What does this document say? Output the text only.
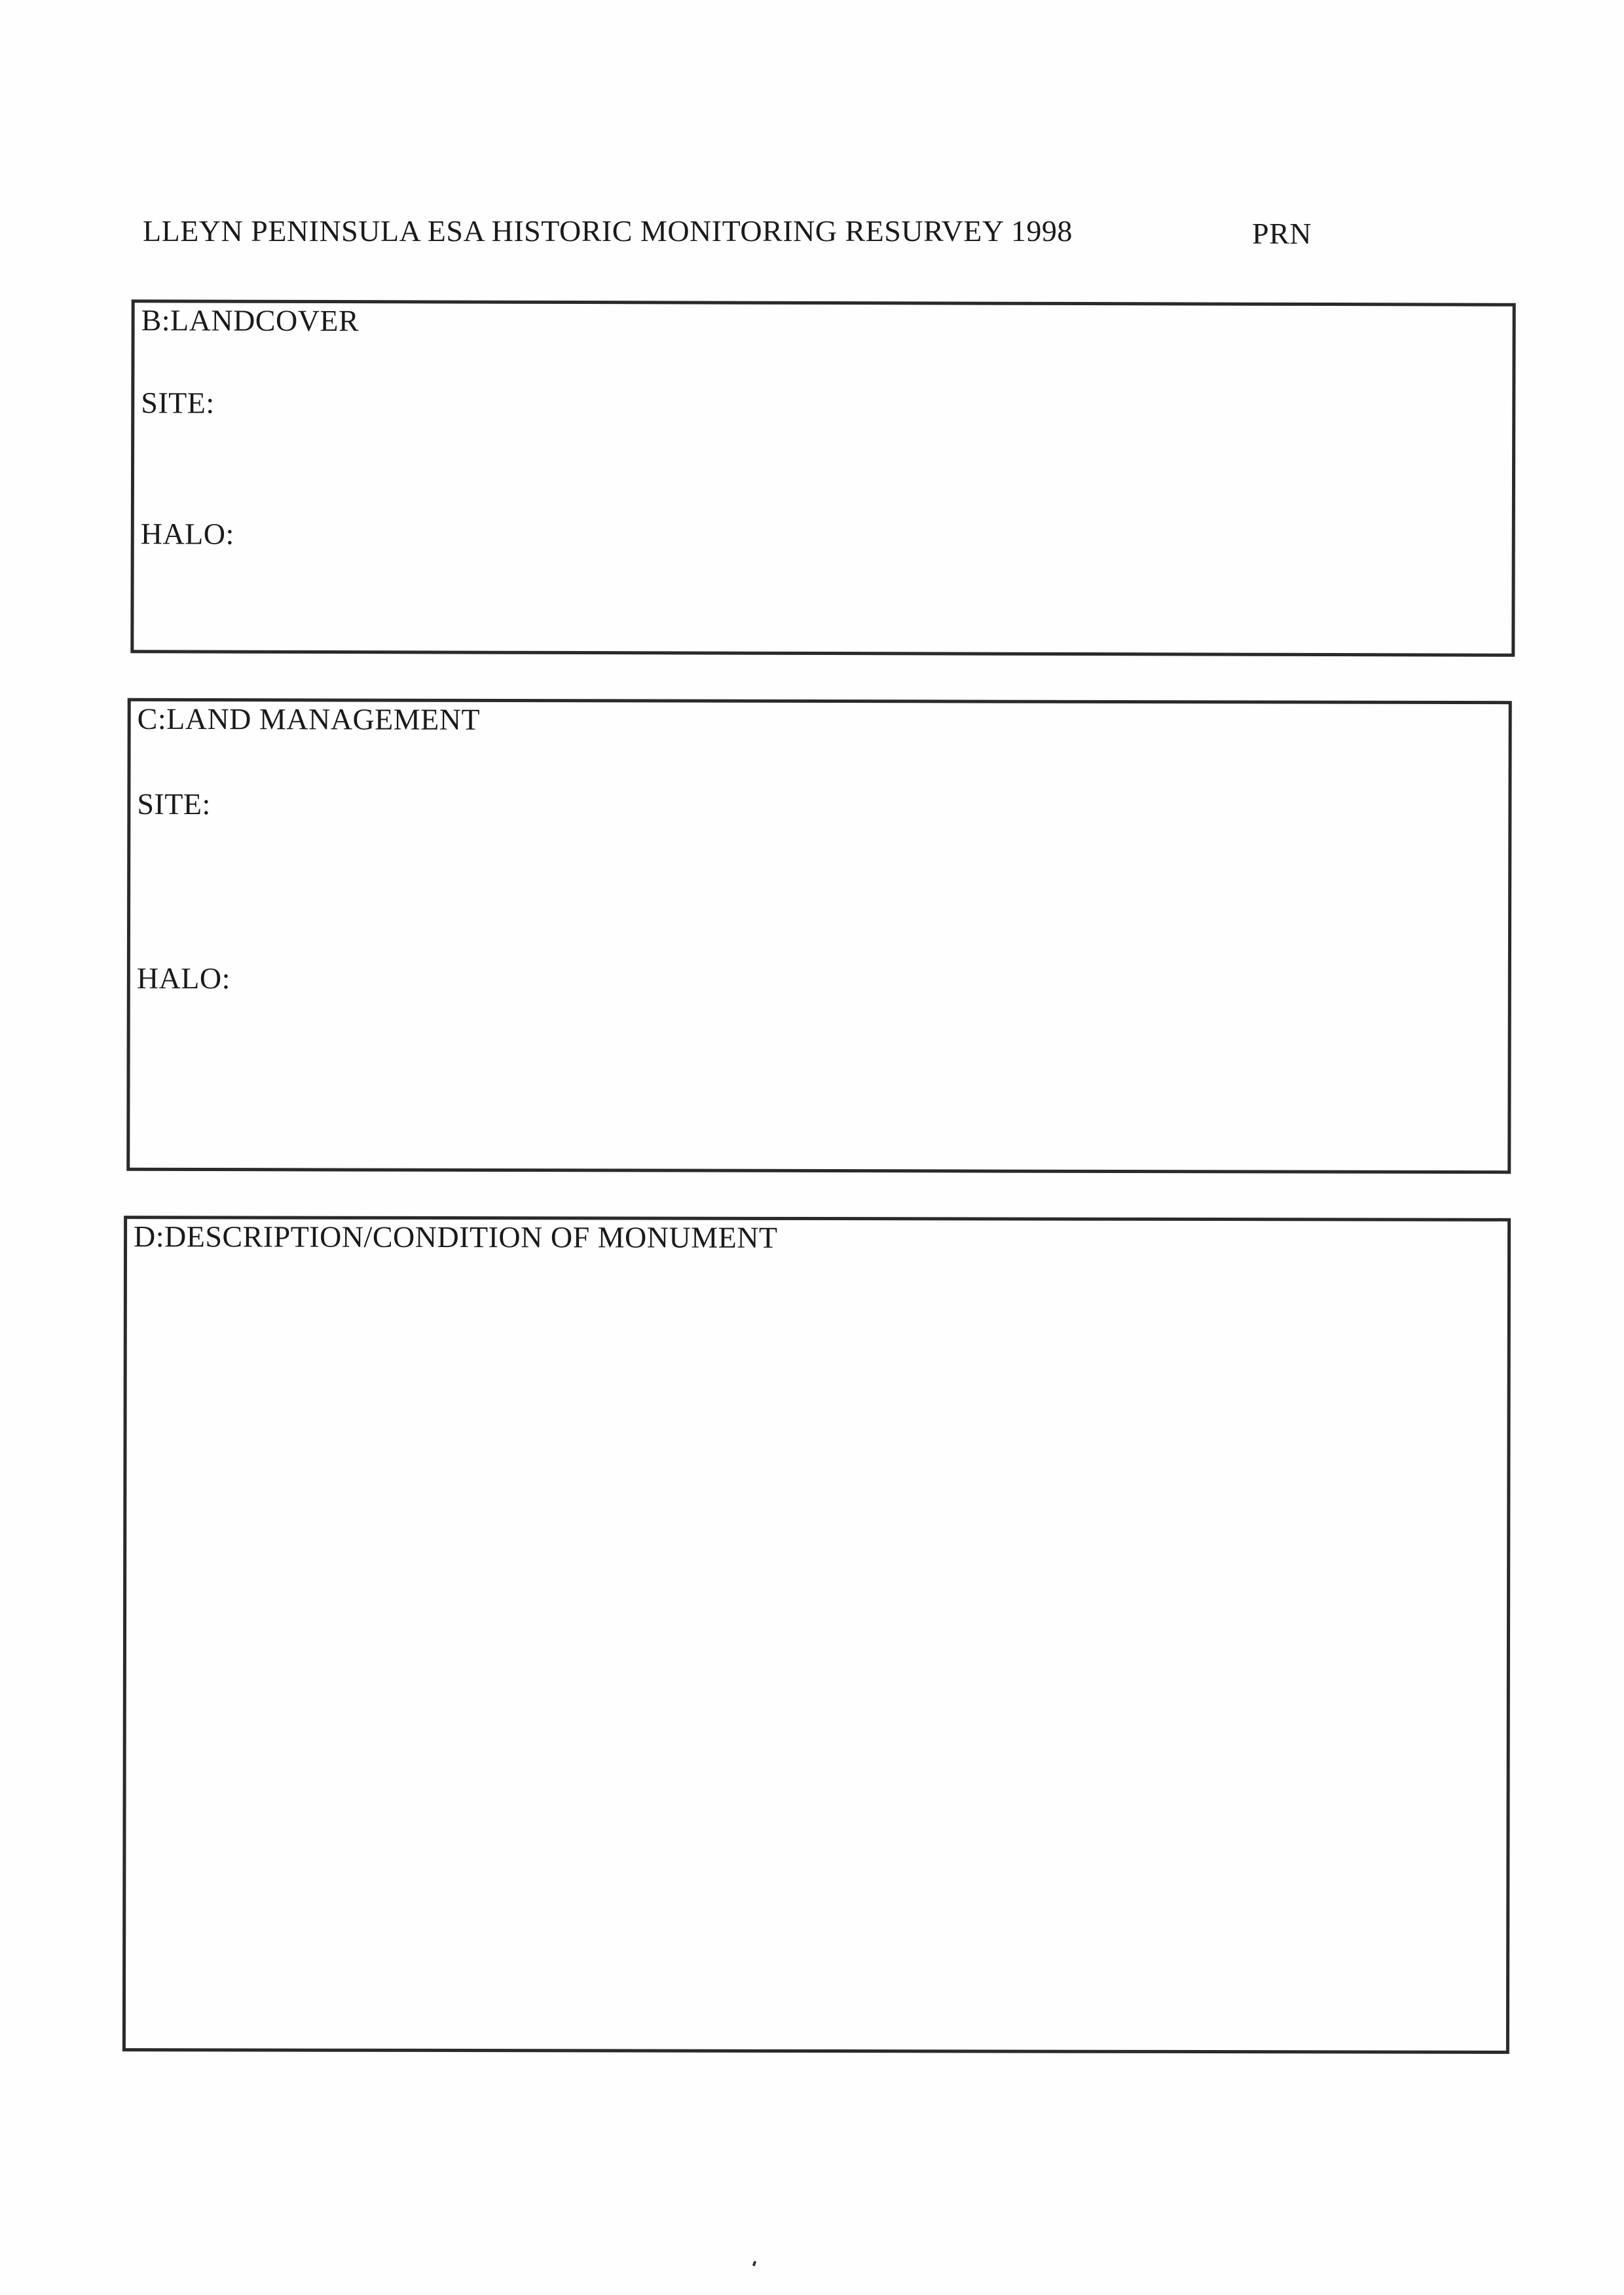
LLEYN PENINSULA ESA HISTORIC MONITORING RESURVEY 1998	PRN
B:LANDCOVER
SITE:
HALO:
C:LAND MANAGEMENT
SITE:
HALO:
D:DESCRIPTION/CONDITION OF MONUMENT
